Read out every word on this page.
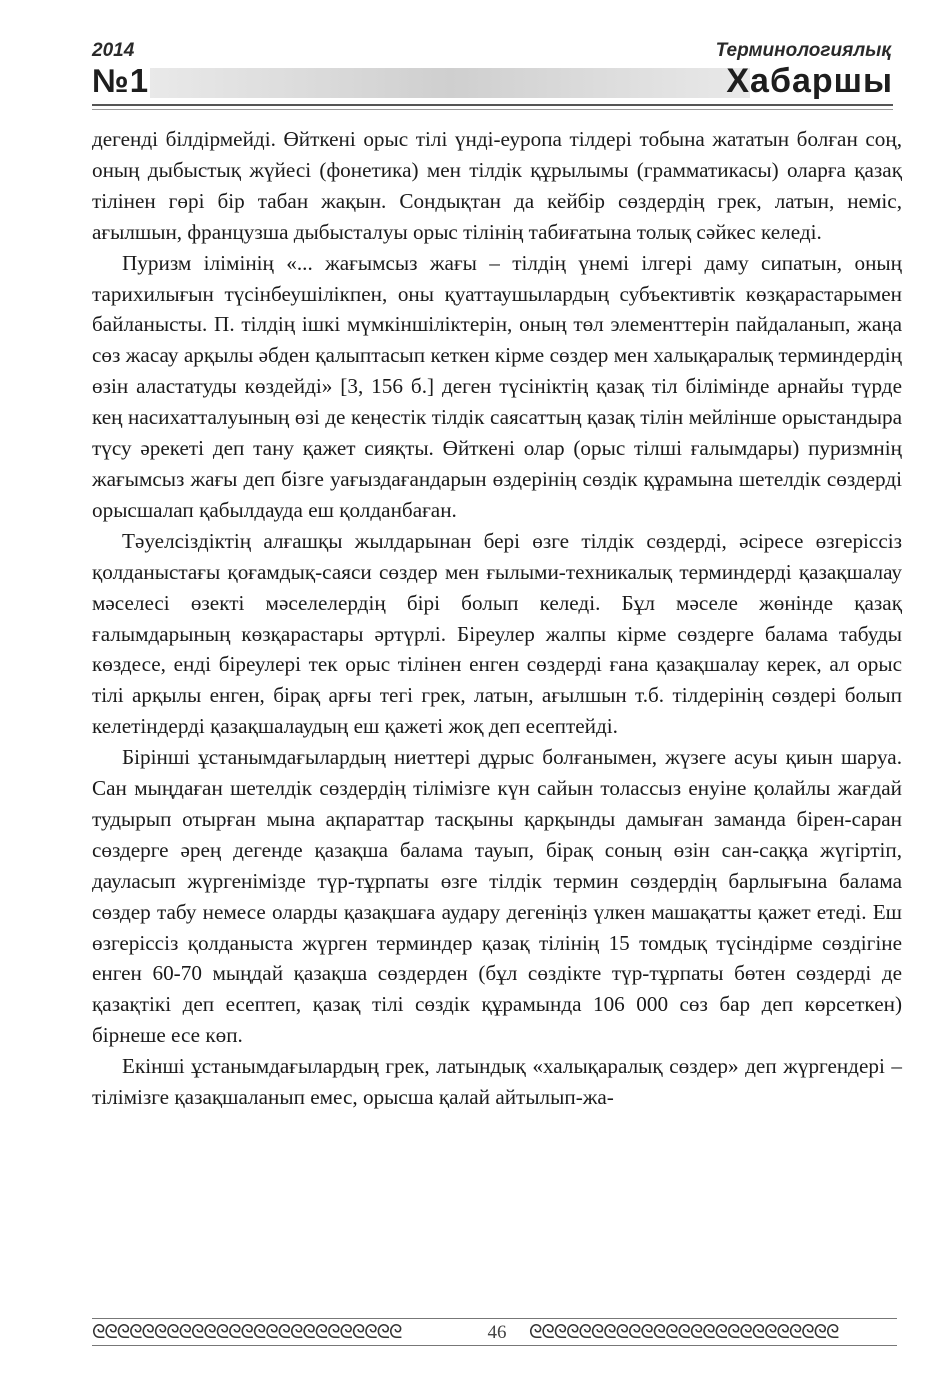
2014
№1
Терминологиялық
Хабаршы

дегенді білдірмейді. Өйткені орыс тілі үнді-еуропа тілдері тобына жататын болған соң, оның дыбыстық жүйесі (фонетика) мен тілдік құрылымы (грамматикасы) оларға қазақ тілінен гөрі бір табан жақын. Сондықтан да кейбір сөздердің грек, латын, неміс, ағылшын, французша дыбысталуы орыс тілінің табиғатына толық сәйкес келеді.

Пуризм ілімінің «... жағымсыз жағы – тілдің үнемі ілгері даму сипатын, оның тарихилығын түсінбеушілікпен, оны қуаттаушылардың субъективтік көзқарастарымен байланысты. П. тілдің ішкі мүмкіншіліктерін, оның төл элементтерін пайдаланып, жаңа сөз жасау арқылы әбден қалыптасып кеткен кірме сөздер мен халықаралық терминдердің өзін аластатуды көздейді» [3, 156 б.] деген түсініктің қазақ тіл білімінде арнайы түрде кең насихатталуының өзі де кеңестік тілдік саясаттың қазақ тілін мейлінше орыстандыра түсу әрекеті деп тану қажет сияқты. Өйткені олар (орыс тілші ғалымдары) пуризмнің жағымсыз жағы деп бізге уағыздағандарын өздерінің сөздік құрамына шетелдік сөздерді орысшалап қабылдауда еш қолданбаған.

Тәуелсіздіктің алғашқы жылдарынан бері өзге тілдік сөздерді, әсіресе өзгеріссіз қолданыстағы қоғамдық-саяси сөздер мен ғылыми-техникалық терминдерді қазақшалау мәселесі өзекті мәселелердің бірі болып келеді. Бұл мәселе жөнінде қазақ ғалымдарының көзқарастары әртүрлі. Біреулер жалпы кірме сөздерге балама табуды көздесе, енді біреулері тек орыс тілінен енген сөздерді ғана қазақшалау керек, ал орыс тілі арқылы енген, бірақ арғы тегі грек, латын, ағылшын т.б. тілдерінің сөздері болып келетіндерді қазақшалаудың еш қажеті жоқ деп есептейді.

Бірінші ұстанымдағылардың ниеттері дұрыс болғанымен, жүзеге асуы қиын шаруа. Сан мыңдаған шетелдік сөздердің тілімізге күн сайын толассыз енуіне қолайлы жағдай тудырып отырған мына ақпараттар тасқыны қарқынды дамыған заманда бірен-саран сөздерге әрең дегенде қазақша балама тауып, бірақ соның өзін сан-саққа жүгіртіп, дауласып жүргенімізде түр-тұрпаты өзге тілдік термин сөздердің барлығына балама сөздер табу немесе оларды қазақшаға аудару дегеніңіз үлкен машақатты қажет етеді. Еш өзгеріссіз қолданыста жүрген терминдер қазақ тілінің 15 томдық түсіндірме сөздігіне енген 60-70 мыңдай қазақша сөздерден (бұл сөздікте түр-тұрпаты бөтен сөздерді де қазақтікі деп есептеп, қазақ тілі сөздік құрамында 106 000 сөз бар деп көрсеткен) бірнеше есе көп.

Екінші ұстанымдағылардың грек, латындық «халықаралық сөздер» деп жүргендері – тілімізге қазақшаланып емес, орысша қалай айтылып-жа-

ᘓᘓᘓᘓᘓᘓᘓᘓᘓᘓᘓᘓᘓᘓᘓᘓᘓᘓᘓᘓᘓᘓᘓᘓᘓ	46	ᘓᘓᘓᘓᘓᘓᘓᘓᘓᘓᘓᘓᘓᘓᘓᘓᘓᘓᘓᘓᘓᘓᘓᘓᘓ
